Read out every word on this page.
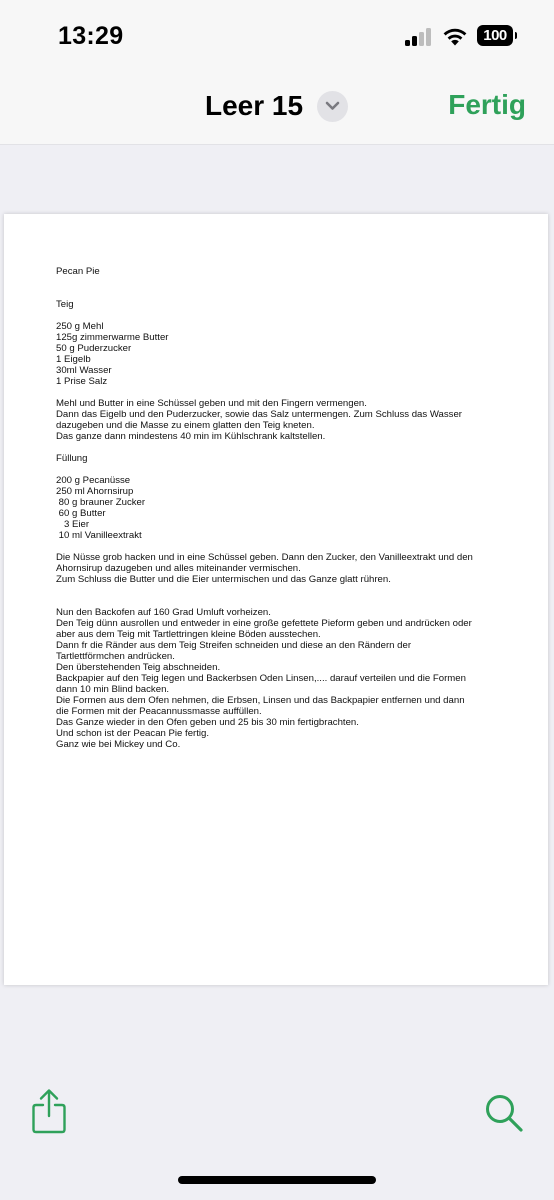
13:29	100
Leer 15	Fertig
Pecan Pie

Teig

250 g Mehl
125g zimmerwarme Butter
50 g Puderzucker
1 Eigelb
30ml Wasser
1 Prise Salz

Mehl und Butter in eine Schüssel geben und mit den Fingern vermengen.
Dann das Eigelb und den Puderzucker, sowie das Salz untermengen. Zum Schluss das Wasser
dazugeben und die Masse zu einem glatten den Teig kneten.
Das ganze dann mindestens 40 min im Kühlschrank kaltstellen.

Füllung

200 g Pecanüsse
250 ml Ahornsirup
80 g brauner Zucker
60 g Butter
3 Eier
10 ml Vanilleextrakt

Die Nüsse grob hacken und in eine Schüssel geben. Dann den Zucker, den Vanilleextrakt und den
Ahornsirup dazugeben und alles miteinander vermischen.
Zum Schluss die Butter und die Eier untermischen und das Ganze glatt rühren.

Nun den Backofen auf 160 Grad Umluft vorheizen.
Den Teig dünn ausrollen und entweder in eine große gefettete Pieform geben und andrücken oder
aber aus dem Teig mit Tartlettringen kleine Böden ausstechen.
Dann fr die Ränder aus dem Teig Streifen schneiden und diese an den Rändern der
Tartlettförmchen andrücken.
Den überstehenden Teig abschneiden.
Backpapier auf den Teig legen und Backerbsen Oden Linsen,.... darauf verteilen und die Formen
dann 10 min Blind backen.
Die Formen aus dem Ofen nehmen, die Erbsen, Linsen und das Backpapier entfernen und dann
die Formen mit der Peacannussmasse auffüllen.
Das Ganze wieder in den Ofen geben und 25 bis 30 min fertigbrachten.
Und schon ist der Peacan Pie fertig.
Ganz wie bei Mickey und Co.
